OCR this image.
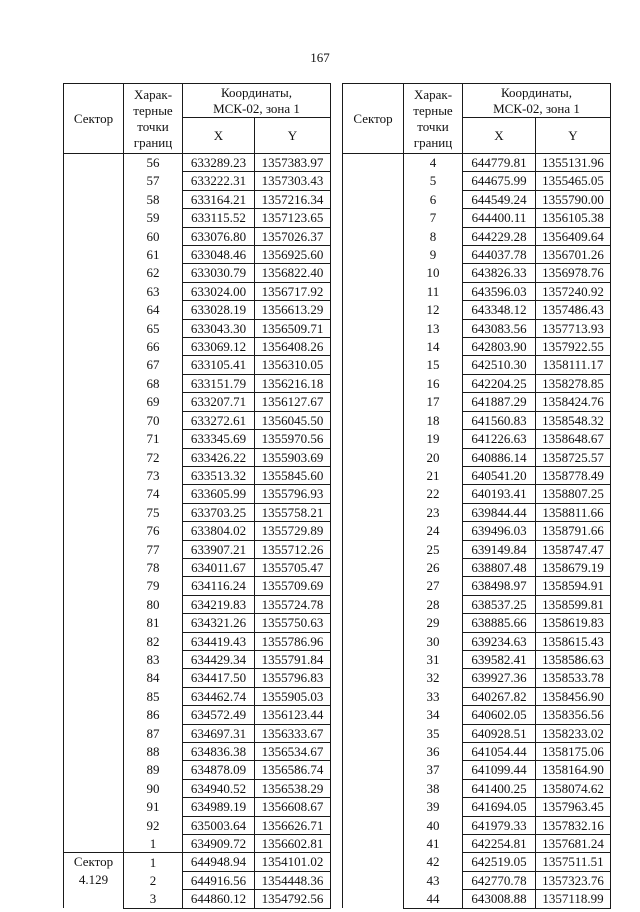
167
Сектор	Харак-
терные
точки
границ	Координаты,
МСК-02, зона 1	
		X	Y
	56	633289.23	1357383.97
	57	633222.31	1357303.43
	58	633164.21	1357216.34
	59	633115.52	1357123.65
	60	633076.80	1357026.37
	61	633048.46	1356925.60
	62	633030.79	1356822.40
	63	633024.00	1356717.92
	64	633028.19	1356613.29
	65	633043.30	1356509.71
	66	633069.12	1356408.26
	67	633105.41	1356310.05
	68	633151.79	1356216.18
	69	633207.71	1356127.67
	70	633272.61	1356045.50
	71	633345.69	1355970.56
	72	633426.22	1355903.69
	73	633513.32	1355845.60
	74	633605.99	1355796.93
	75	633703.25	1355758.21
	76	633804.02	1355729.89
	77	633907.21	1355712.26
	78	634011.67	1355705.47
	79	634116.24	1355709.69
	80	634219.83	1355724.78
	81	634321.26	1355750.63
	82	634419.43	1355786.96
	83	634429.34	1355791.84
	84	634417.50	1355796.83
	85	634462.74	1355905.03
	86	634572.49	1356123.44
	87	634697.31	1356333.67
	88	634836.38	1356534.67
	89	634878.09	1356586.74
	90	634940.52	1356538.29
	91	634989.19	1356608.67
	92	635003.64	1356626.71
	1	634909.72	1356602.81
Сектор
4.129	1	644948.94	1354101.02
	2	644916.56	1354448.36
	3	644860.12	1354792.56
Сектор	Харак-
терные
точки
границ	Координаты,
МСК-02, зона 1	
		X	Y
	4	644779.81	1355131.96
	5	644675.99	1355465.05
	6	644549.24	1355790.00
	7	644400.11	1356105.38
	8	644229.28	1356409.64
	9	644037.78	1356701.26
	10	643826.33	1356978.76
	11	643596.03	1357240.92
	12	643348.12	1357486.43
	13	643083.56	1357713.93
	14	642803.90	1357922.55
	15	642510.30	1358111.17
	16	642204.25	1358278.85
	17	641887.29	1358424.76
	18	641560.83	1358548.32
	19	641226.63	1358648.67
	20	640886.14	1358725.57
	21	640541.20	1358778.49
	22	640193.41	1358807.25
	23	639844.44	1358811.66
	24	639496.03	1358791.66
	25	639149.84	1358747.47
	26	638807.48	1358679.19
	27	638498.97	1358594.91
	28	638537.25	1358599.81
	29	638885.66	1358619.83
	30	639234.63	1358615.43
	31	639582.41	1358586.63
	32	639927.36	1358533.78
	33	640267.82	1358456.90
	34	640602.05	1358356.56
	35	640928.51	1358233.02
	36	641054.44	1358175.06
	37	641099.44	1358164.90
	38	641400.25	1358074.62
	39	641694.05	1357963.45
	40	641979.33	1357832.16
	41	642254.81	1357681.24
	42	642519.05	1357511.51
	43	642770.78	1357323.76
	44	643008.88	1357118.99
